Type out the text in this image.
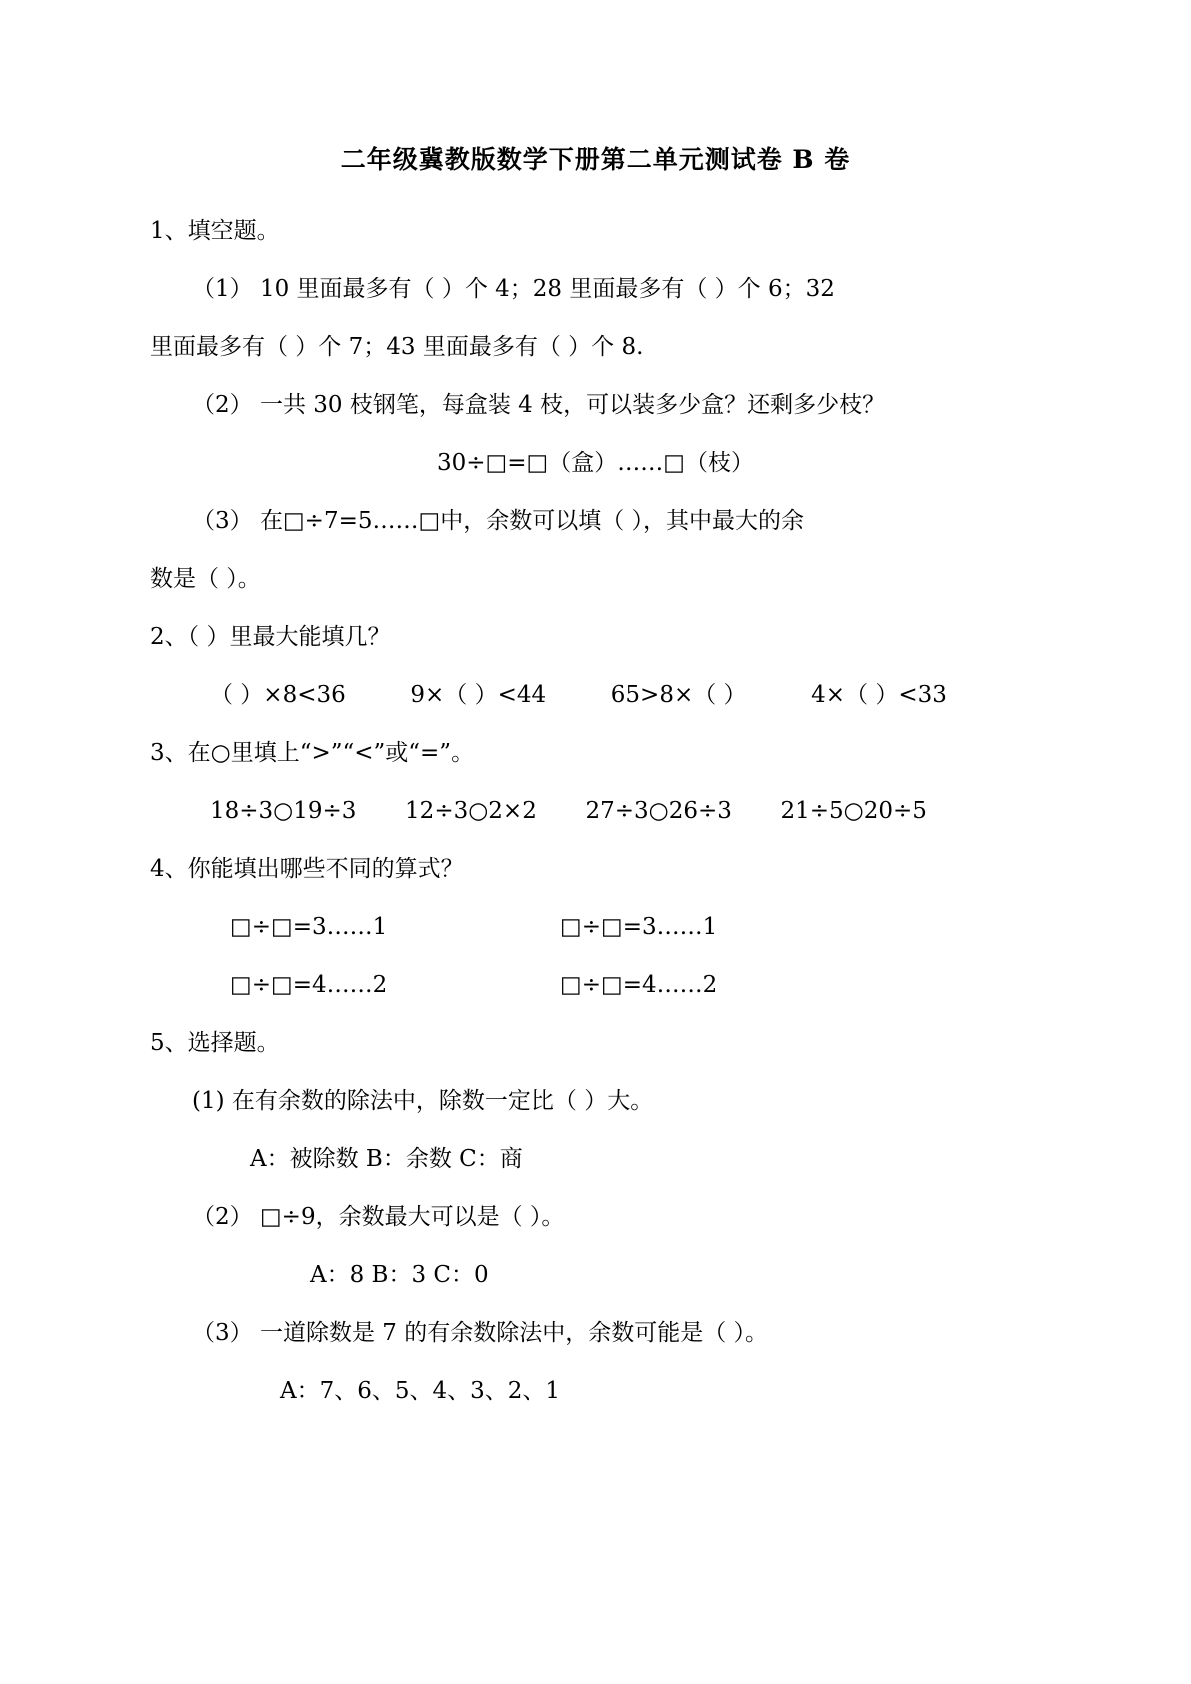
二年级冀教版数学下册第二单元测试卷 B 卷

1、填空题。

（1） 10 里面最多有（ ）个 4；28 里面最多有（ ）个 6；32

里面最多有（ ）个 7；43 里面最多有（ ）个 8.

（2） 一共 30 枝钢笔，每盒装 4 枝，可以装多少盒？还剩多少枝？

30÷□=□（盒）……□（枝）

（3） 在□÷7=5……□中，余数可以填（ ），其中最大的余

数是（ ）。

2、（ ）里最大能填几？

（ ）×8<36	9×（ ）<44	65>8×（ ）	4×（ ）<33

3、在○里填上“>”“<”或“=”。

18÷3○19÷3 12÷3○2×2 27÷3○26÷3 21÷5○20÷5

4、你能填出哪些不同的算式？

□÷□=3……1	□÷□=3……1

□÷□=4……2	□÷□=4……2

5、选择题。

(1) 在有余数的除法中，除数一定比（ ）大。

A：被除数 B：余数 C：商

（2） □÷9，余数最大可以是（ ）。

A：8 B：3 C：0

（3） 一道除数是 7 的有余数除法中，余数可能是（ ）。

A：7、6、5、4、3、2、1
